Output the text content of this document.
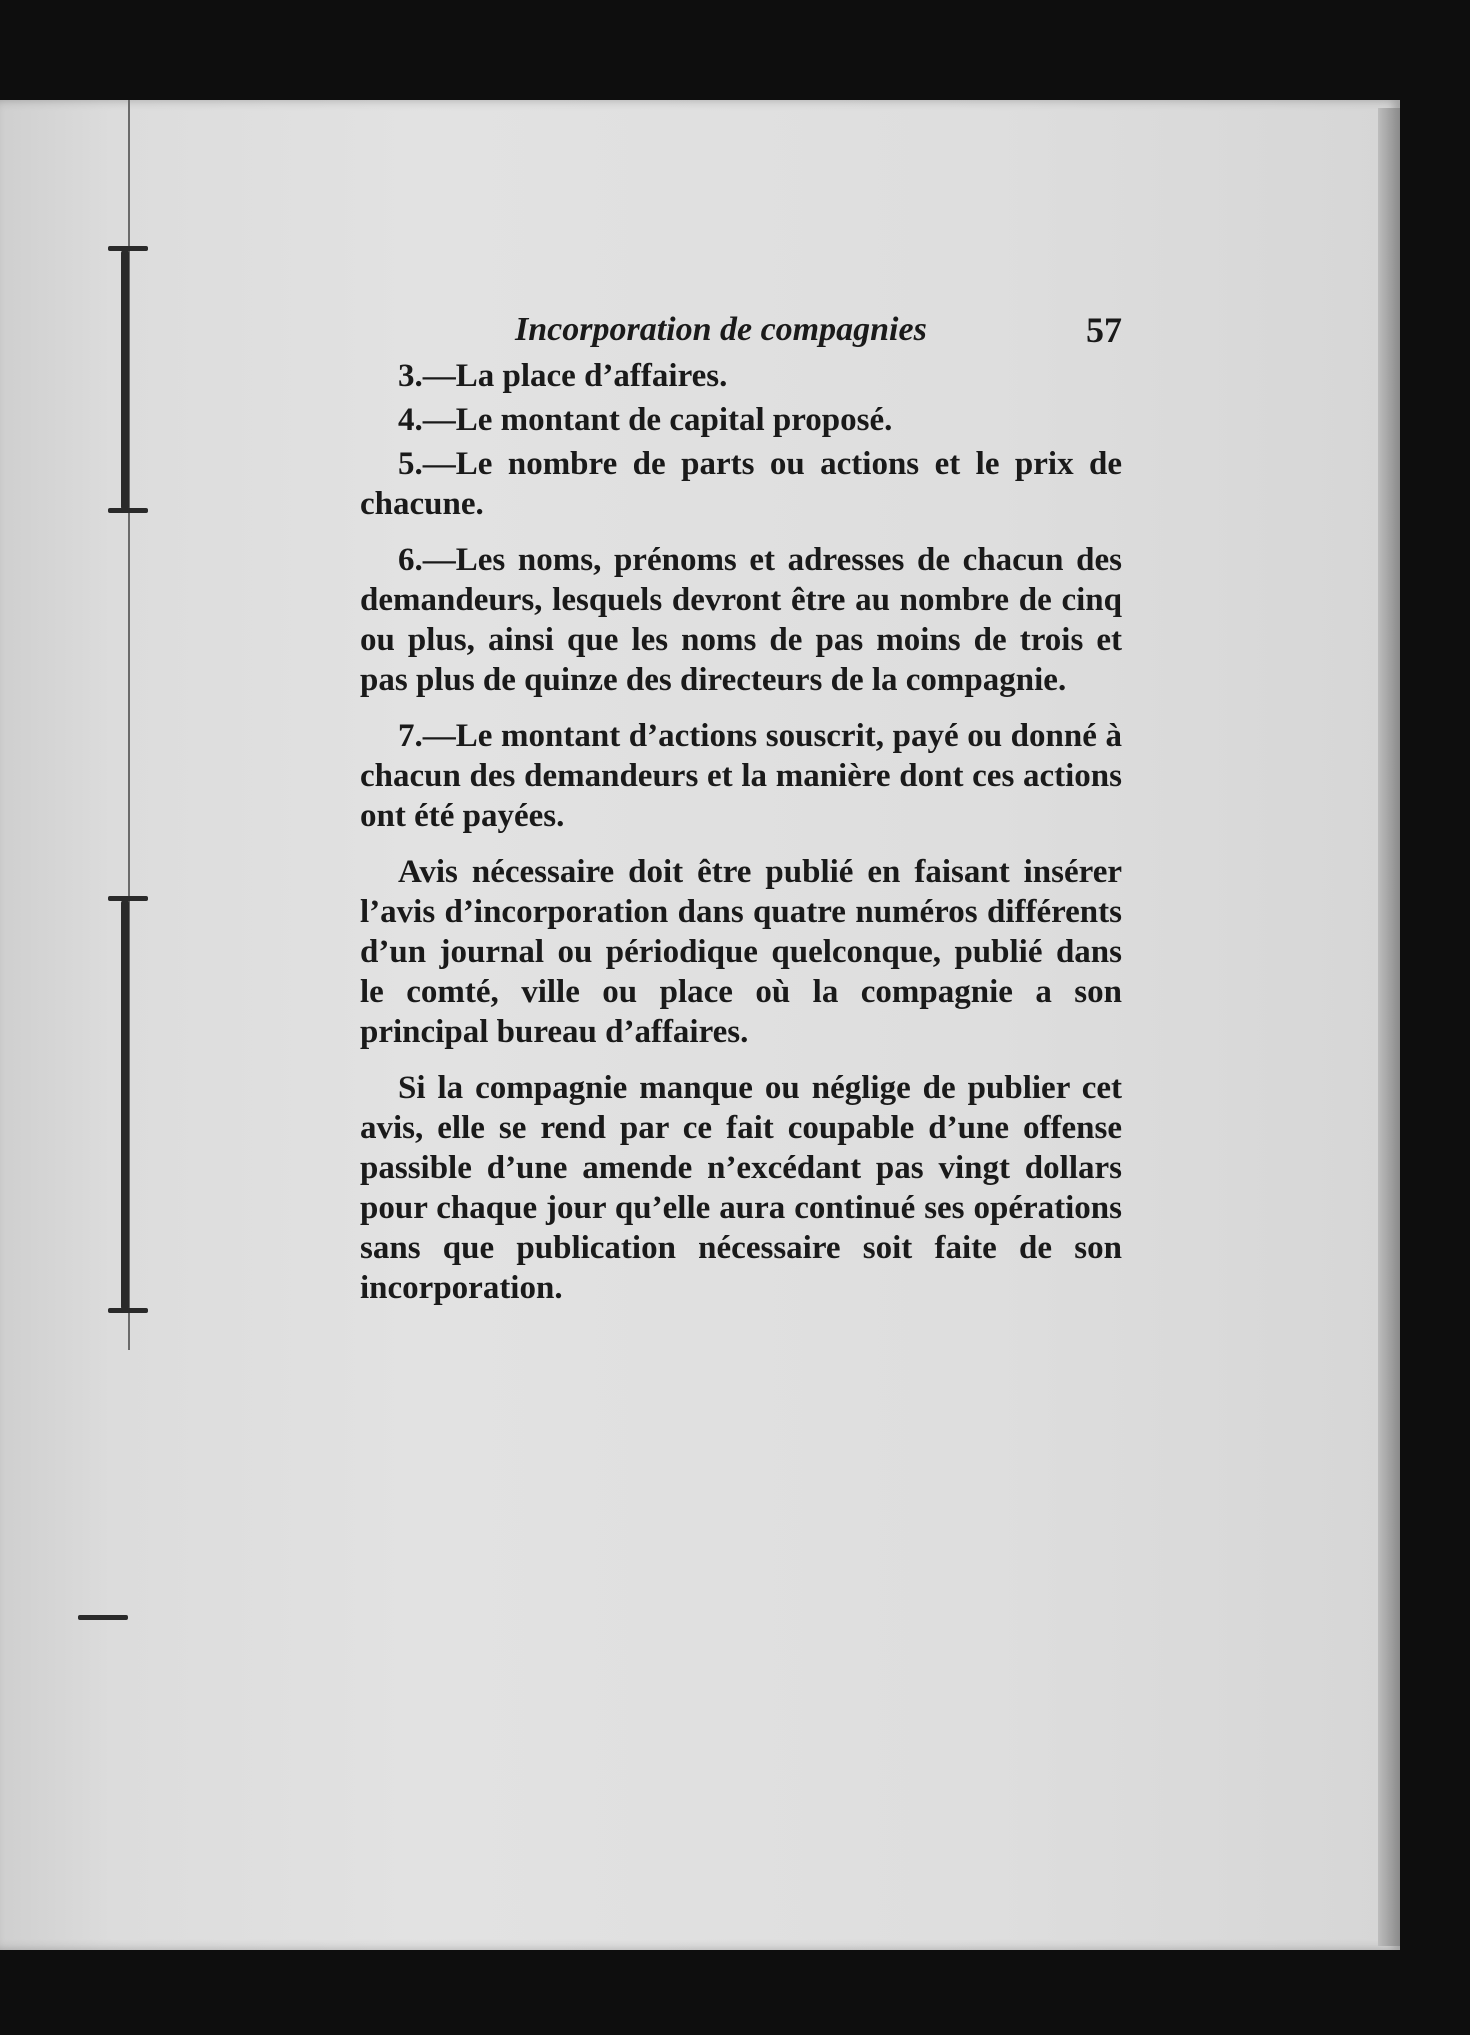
Incorporation de compagnies	57

3.—La place d’affaires.

4.—Le montant de capital proposé.

5.—Le nombre de parts ou actions et le prix de chacune.

6.—Les noms, prénoms et adresses de chacun des demandeurs, lesquels devront être au nombre de cinq ou plus, ainsi que les noms de pas moins de trois et pas plus de quinze des directeurs de la compagnie.

7.—Le montant d’actions souscrit, payé ou donné à chacun des demandeurs et la manière dont ces actions ont été payées.

Avis nécessaire doit être publié en faisant insérer l’avis d’incorporation dans quatre numéros différents d’un journal ou périodique quelconque, publié dans le comté, ville ou place où la compagnie a son principal bureau d’affaires.

Si la compagnie manque ou néglige de publier cet avis, elle se rend par ce fait coupable d’une offense passible d’une amende n’excédant pas vingt dollars pour chaque jour qu’elle aura continué ses opérations sans que publication nécessaire soit faite de son incorporation.
